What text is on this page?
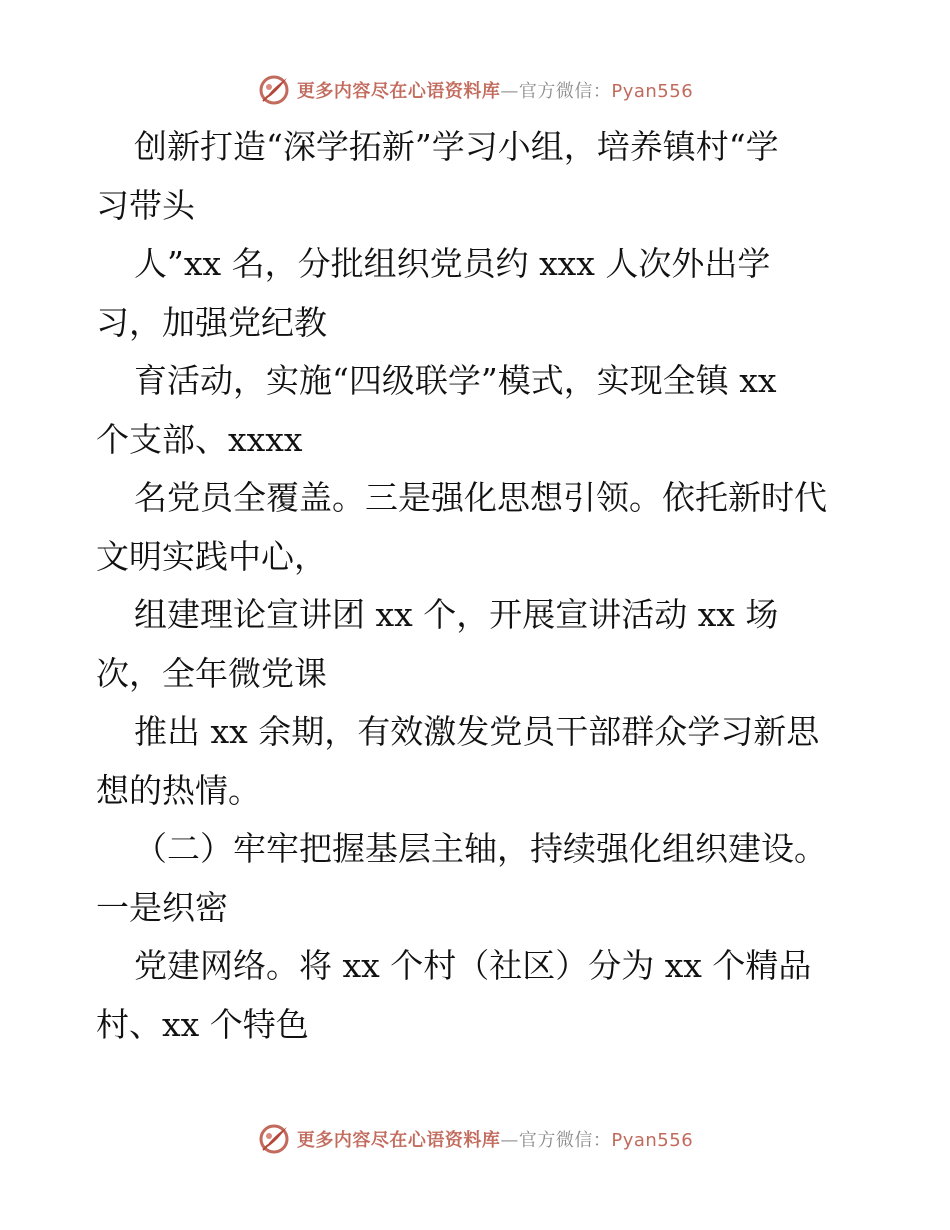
更多内容尽在心语资料库—官方微信：Pyan556

创新打造“深学拓新”学习小组，培养镇村“学
习带头

人”xx 名，分批组织党员约 xxx 人次外出学
习，加强党纪教

育活动，实施“四级联学”模式，实现全镇 xx
个支部、xxxx

名党员全覆盖。三是强化思想引领。依托新时代
文明实践中心，

组建理论宣讲团 xx 个，开展宣讲活动 xx 场
次，全年微党课

推出 xx 余期，有效激发党员干部群众学习新思
想的热情。

（二）牢牢把握基层主轴，持续强化组织建设。
一是织密

党建网络。将 xx 个村（社区）分为 xx 个精品
村、xx 个特色

更多内容尽在心语资料库—官方微信：Pyan556
